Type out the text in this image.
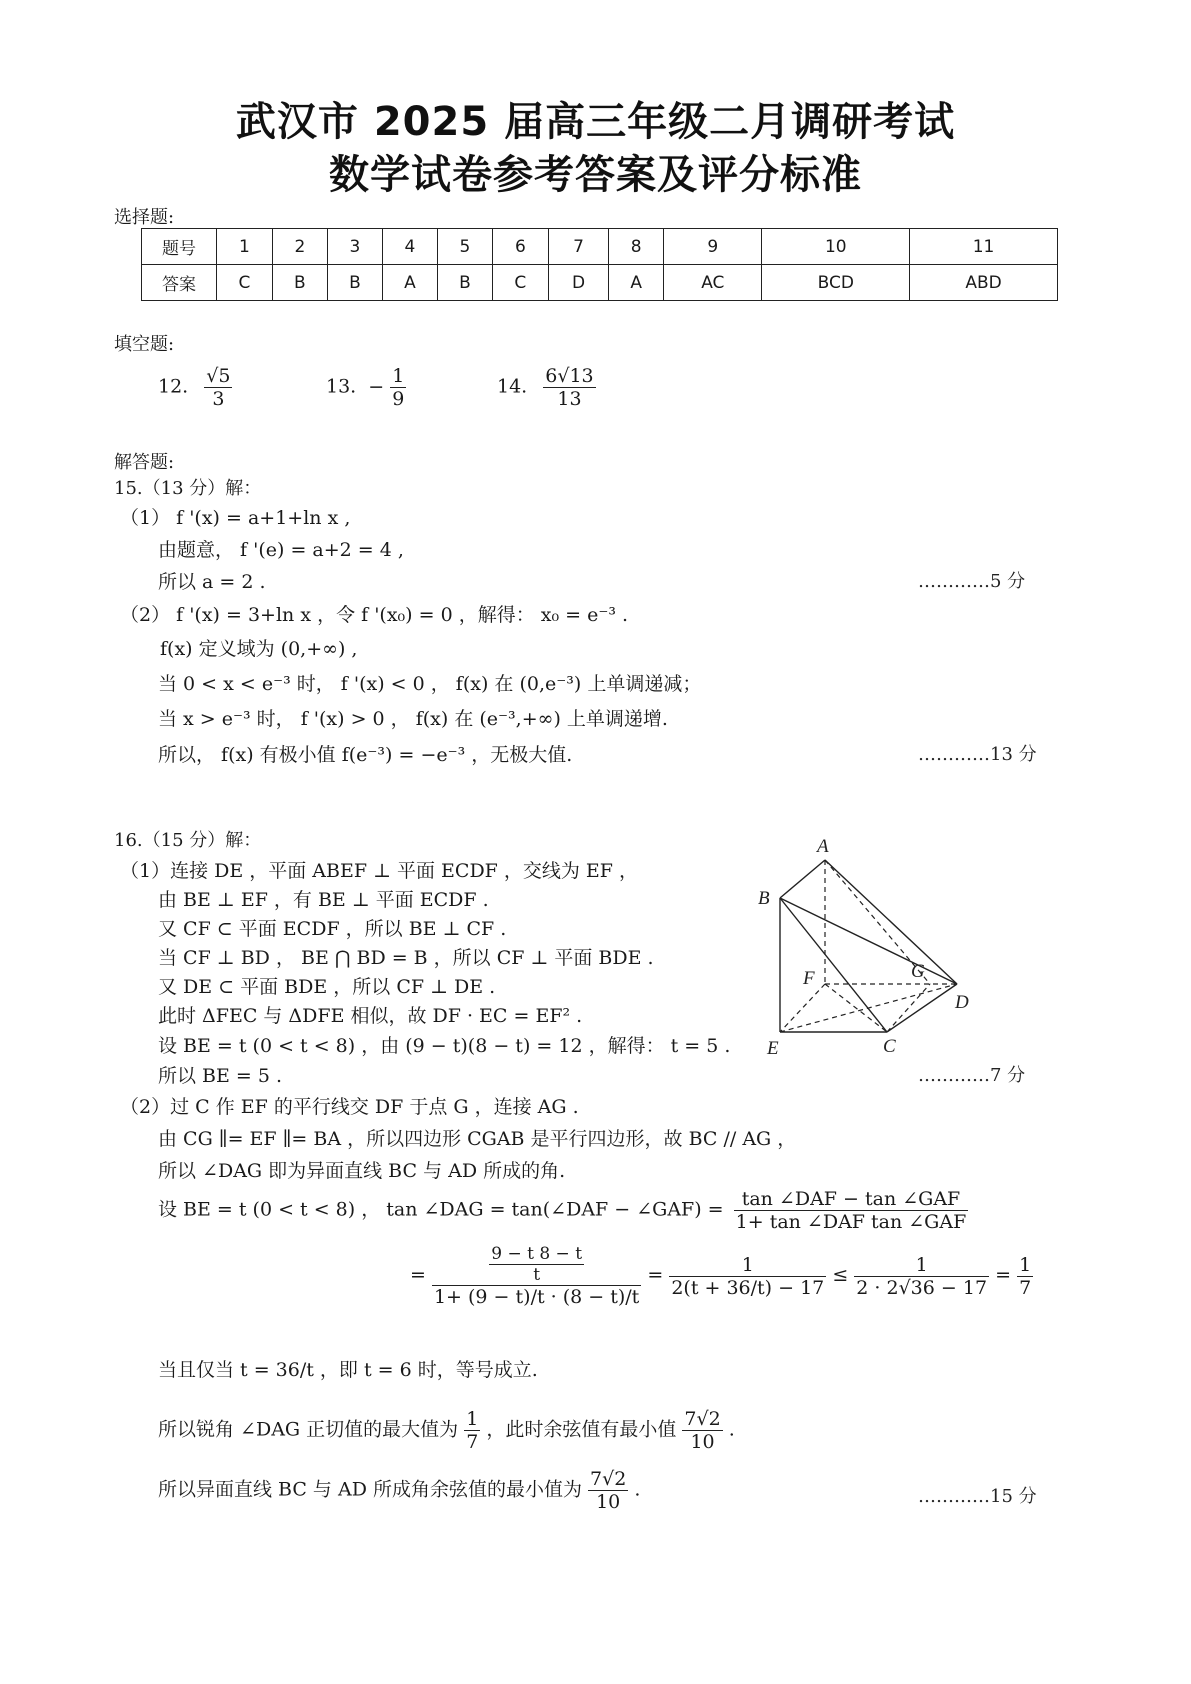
武汉市 2025 届高三年级二月调研考试
数学试卷参考答案及评分标准
选择题:
题号	1	2	3	4	5	6	7	8	9	10	11
答案	C	B	B	A	B	C	D	A	AC	BCD	ABD
填空题:
12. $\frac{√5}{3}$	13. − $\frac{1}{9}$	14. $\frac{6√13}{13}$
解答题:
15.（13 分）解：
（1） f '(x) = a+1+ln x ,
由题意， f '(e) = a+2 = 4 ,
所以 a = 2 .	…………5 分
（2） f '(x) = 3+ln x ，令 f '(x₀) = 0 ，解得： x₀ = e⁻³ .
f(x) 定义域为 (0,+∞) ,
当 0 < x < e⁻³ 时， f '(x) < 0 ， f(x) 在 (0,e⁻³) 上单调递减；
当 x > e⁻³ 时， f '(x) > 0 ， f(x) 在 (e⁻³,+∞) 上单调递增.
所以， f(x) 有极小值 f(e⁻³) = −e⁻³ ，无极大值.	…………13 分
16.（15 分）解：
（1）连接 DE ，平面 ABEF ⊥ 平面 ECDF ，交线为 EF ，
由 BE ⊥ EF ，有 BE ⊥ 平面 ECDF .
又 CF ⊂ 平面 ECDF ，所以 BE ⊥ CF .
当 CF ⊥ BD ， BE ⋂ BD = B ，所以 CF ⊥ 平面 BDE .
又 DE ⊂ 平面 BDE ，所以 CF ⊥ DE .
此时 ΔFEC 与 ΔDFE 相似，故 DF · EC = EF² .
设 BE = t (0 < t < 8) ，由 (9 − t)(8 − t) = 12 ，解得： t = 5 .
所以 BE = 5 .	…………7 分
（2）过 C 作 EF 的平行线交 DF 于点 G ，连接 AG .
由 CG ∥= EF ∥= BA ，所以四边形 CGAB 是平行四边形，故 BC // AG ，
所以 ∠DAG 即为异面直线 BC 与 AD 所成的角.
设 BE = t (0 < t < 8) ， tan ∠DAG = tan(∠DAF − ∠GAF) = $\frac{\text{tan ∠DAF − tan ∠GAF}}{\text{1+ tan ∠DAF tan ∠GAF}}$
= $\frac{\frac{9 - t 8 - t}{t}}{1+ (9 - t)/t \cdot (8 - t)/t} = \frac{1}{2(t + 36/t) - 17} \le \frac{1}{2 \cdot 2√36 - 17} = \frac{1}{7}$
当且仅当 t = 36/t ，即 t = 6 时，等号成立.
所以锐角 ∠DAG 正切值的最大值为 $\frac{1}{7}$ ，此时余弦值有最小值 $\frac{7√2}{10}$ .
所以异面直线 BC 与 AD 所成角余弦值的最小值为 $\frac{7√2}{10}$ .	…………15 分
A
B
F	G
D
E	C
